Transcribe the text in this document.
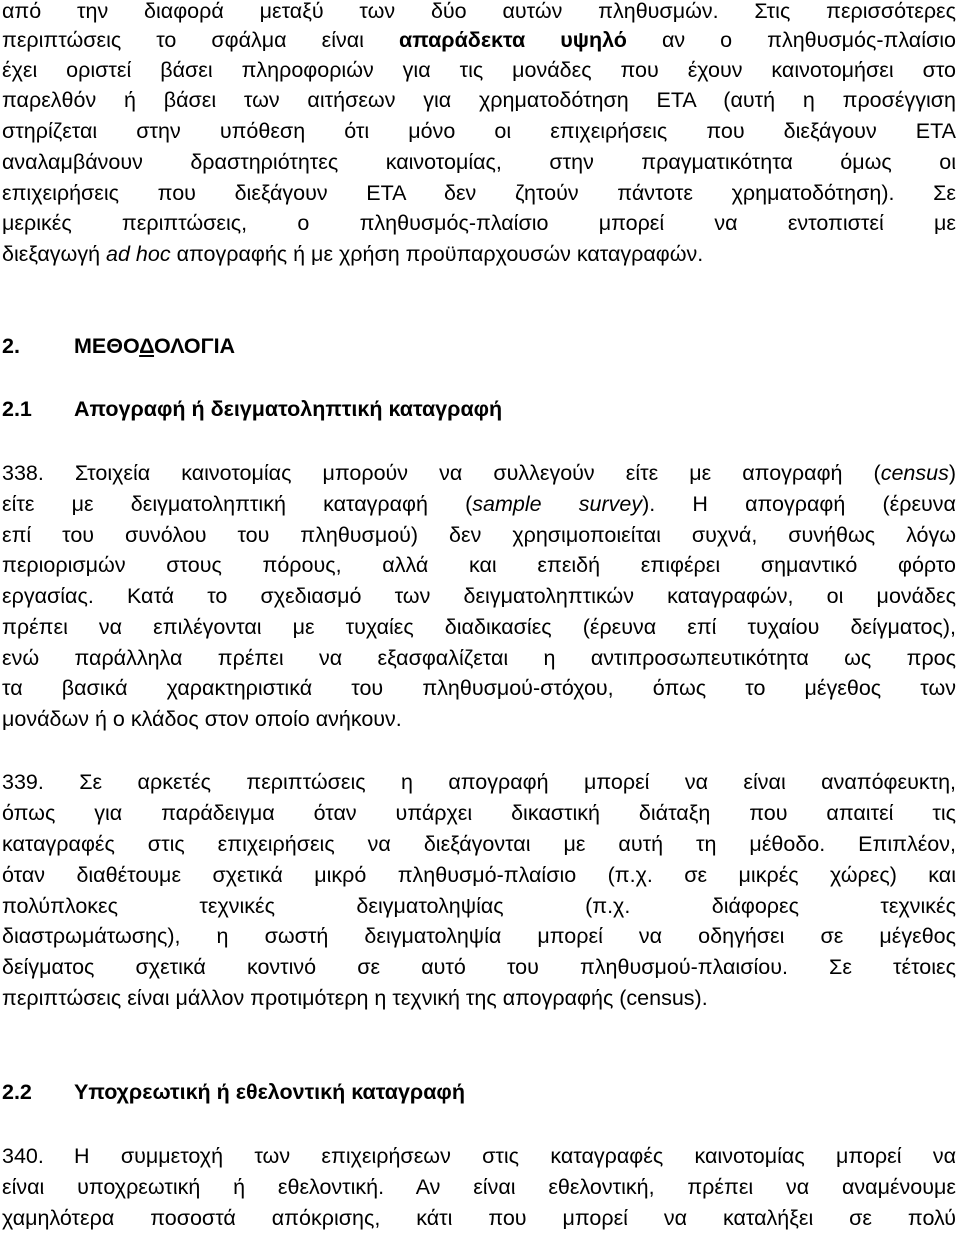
από την διαφορά μεταξύ των δύο αυτών πληθυσμών. Στις περισσότερες
περιπτώσεις το σφάλμα είναι απαράδεκτα υψηλό αν ο πληθυσμός-πλαίσιο
έχει οριστεί βάσει πληροφοριών για τις μονάδες που έχουν καινοτομήσει στο
παρελθόν ή βάσει των αιτήσεων για χρηματοδότηση ΕΤΑ (αυτή η προσέγγιση
στηρίζεται στην υπόθεση ότι μόνο οι επιχειρήσεις που διεξάγουν ΕΤΑ
αναλαμβάνουν δραστηριότητες καινοτομίας, στην πραγματικότητα όμως οι
επιχειρήσεις που διεξάγουν ΕΤΑ δεν ζητούν πάντοτε χρηματοδότηση). Σε
μερικές περιπτώσεις, ο πληθυσμός-πλαίσιο μπορεί να εντοπιστεί με
διεξαγωγή ad hoc απογραφής ή με χρήση προϋπαρχουσών καταγραφών.
2.	ΜΕΘΟΔΟΛΟΓΙΑ
2.1 Απογραφή ή δειγματοληπτική καταγραφή
338. Στοιχεία καινοτομίας μπορούν να συλλεγούν είτε με απογραφή (census)
είτε με δειγματοληπτική καταγραφή (sample survey). Η απογραφή (έρευνα
επί του συνόλου του πληθυσμού) δεν χρησιμοποιείται συχνά, συνήθως λόγω
περιορισμών στους πόρους, αλλά και επειδή επιφέρει σημαντικό φόρτο
εργασίας. Κατά το σχεδιασμό των δειγματοληπτικών καταγραφών, οι μονάδες
πρέπει να επιλέγονται με τυχαίες διαδικασίες (έρευνα επί τυχαίου δείγματος),
ενώ παράλληλα πρέπει να εξασφαλίζεται η αντιπροσωπευτικότητα ως προς
τα βασικά χαρακτηριστικά του πληθυσμού-στόχου, όπως το μέγεθος των
μονάδων ή ο κλάδος στον οποίο ανήκουν.
339. Σε αρκετές περιπτώσεις η απογραφή μπορεί να είναι αναπόφευκτη,
όπως για παράδειγμα όταν υπάρχει δικαστική διάταξη που απαιτεί τις
καταγραφές στις επιχειρήσεις να διεξάγονται με αυτή τη μέθοδο. Επιπλέον,
όταν διαθέτουμε σχετικά μικρό πληθυσμό-πλαίσιο (π.χ. σε μικρές χώρες) και
πολύπλοκες τεχνικές δειγματοληψίας (π.χ. διάφορες τεχνικές
διαστρωμάτωσης), η σωστή δειγματοληψία μπορεί να οδηγήσει σε μέγεθος
δείγματος σχετικά κοντινό σε αυτό του πληθυσμού-πλαισίου. Σε τέτοιες
περιπτώσεις είναι μάλλον προτιμότερη η τεχνική της απογραφής (census).
2.2 Υποχρεωτική ή εθελοντική καταγραφή
340. Η συμμετοχή των επιχειρήσεων στις καταγραφές καινοτομίας μπορεί να
είναι υποχρεωτική ή εθελοντική. Αν είναι εθελοντική, πρέπει να αναμένουμε
χαμηλότερα ποσοστά απόκρισης, κάτι που μπορεί να καταλήξει σε πολύ
